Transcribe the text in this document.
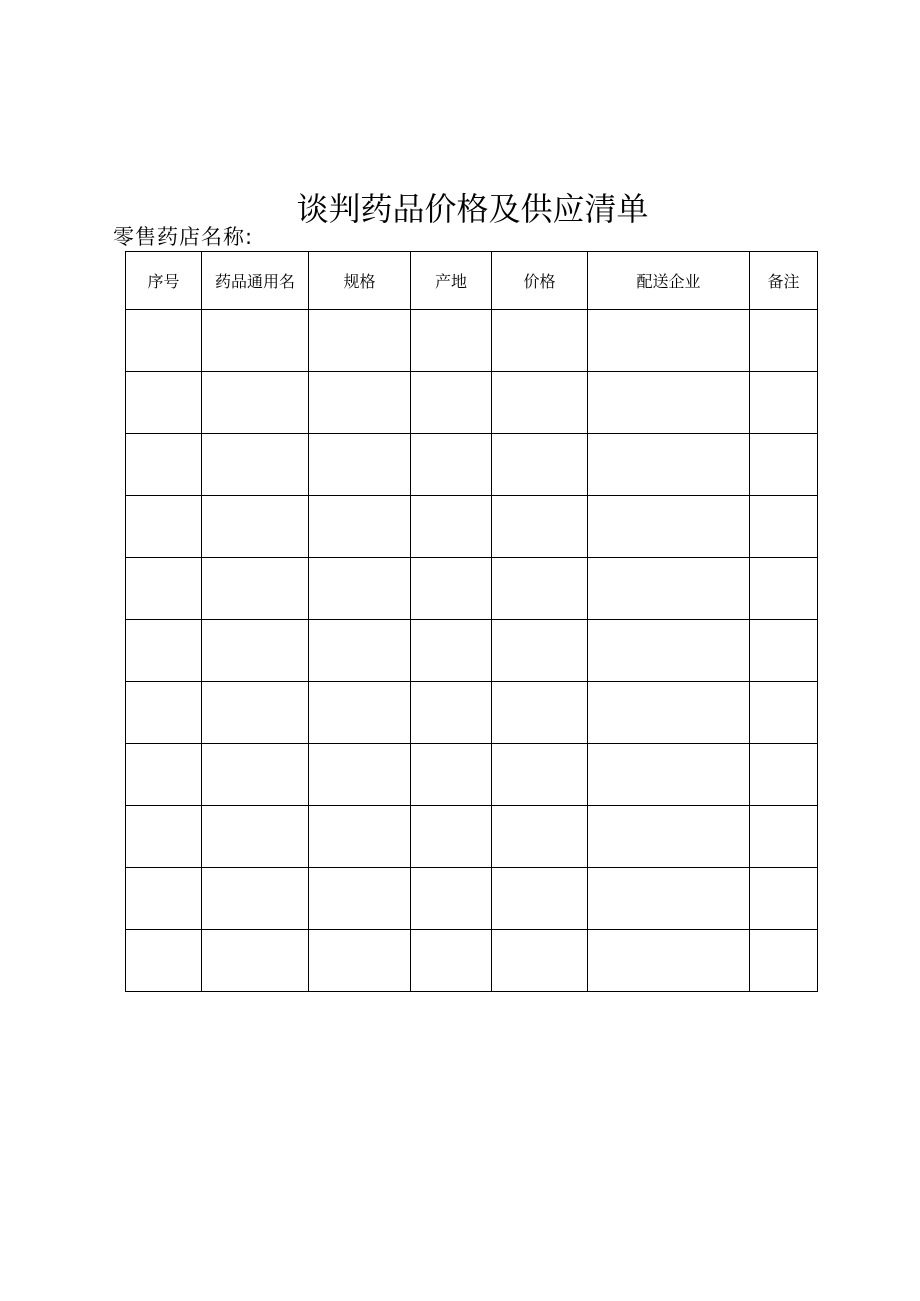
谈判药品价格及供应清单
零售药店名称:
序号	药品通用名	规格	产地	价格	配送企业	备注
